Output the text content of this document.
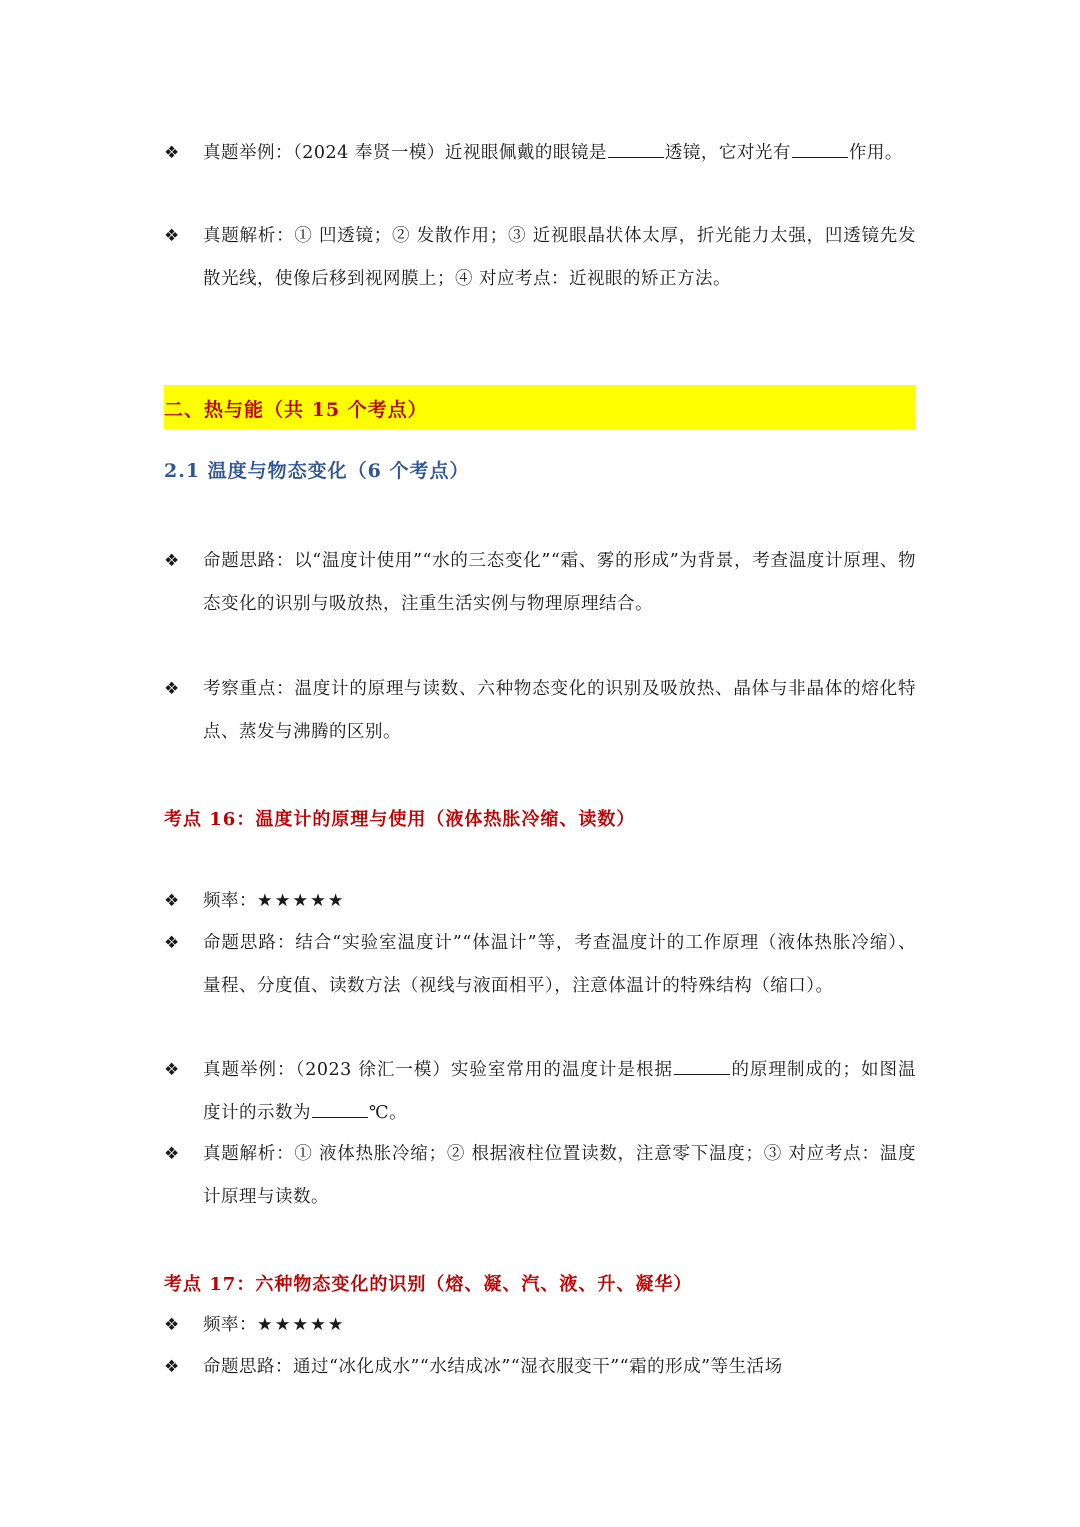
❖ 真题举例：（2024 奉贤一模）近视眼佩戴的眼镜是	透镜，它对光有	作用。
❖ 真题解析：① 凹透镜；② 发散作用；③ 近视眼晶状体太厚，折光能力太强，凹透镜先发散光线，使像后移到视网膜上；④ 对应考点：近视眼的矫正方法。
二、热与能（共 15 个考点）
2.1 温度与物态变化（6 个考点）
❖ 命题思路：以“温度计使用”“水的三态变化”“霜、雾的形成”为背景，考查温度计原理、物态变化的识别与吸放热，注重生活实例与物理原理结合。
❖ 考察重点：温度计的原理与读数、六种物态变化的识别及吸放热、晶体与非晶体的熔化特点、蒸发与沸腾的区别。
考点 16：温度计的原理与使用（液体热胀冷缩、读数）
❖ 频率：★★★★★
❖ 命题思路：结合“实验室温度计”“体温计”等，考查温度计的工作原理（液体热胀冷缩）、量程、分度值、读数方法（视线与液面相平），注意体温计的特殊结构（缩口）。
❖ 真题举例：（2023 徐汇一模）实验室常用的温度计是根据	的原理制成的；如图温度计的示数为	℃。
❖ 真题解析：① 液体热胀冷缩；② 根据液柱位置读数，注意零下温度；③ 对应考点：温度计原理与读数。
考点 17：六种物态变化的识别（熔、凝、汽、液、升、凝华）
❖ 频率：★★★★★
❖ 命题思路：通过“冰化成水”“水结成冰”“湿衣服变干”“霜的形成”等生活场
